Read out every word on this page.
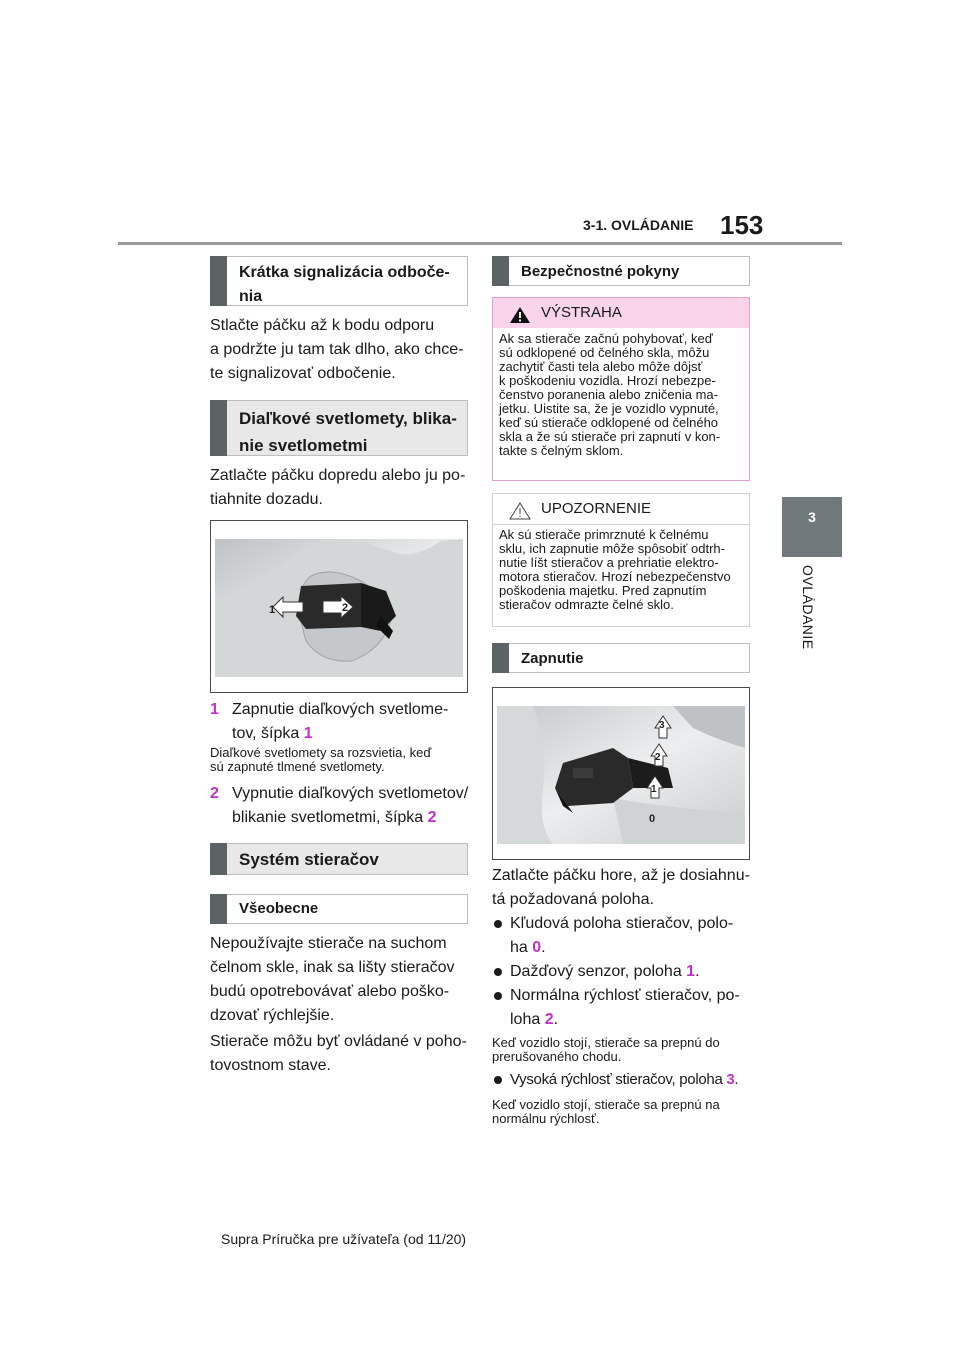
3-1. OVLÁDANIE 153
3
OVLÁDANIE
Krátka signalizácia odboče-
nia
Stlačte páčku až k bodu odporu
a podržte ju tam tak dlho, ako chce-
te signalizovať odbočenie.
Diaľkové svetlomety, blika-
nie svetlometmi
Zatlačte páčku dopredu alebo ju po-
tiahnite dozadu.
1	2
1 Zapnutie diaľkových svetlome-
tov, šípka 1
Diaľkové svetlomety sa rozsvietia, keď
sú zapnuté tlmené svetlomety.
2 Vypnutie diaľkových svetlometov/
blikanie svetlometmi, šípka 2
Systém stieračov
Všeobecne
Nepoužívajte stierače na suchom
čelnom skle, inak sa lišty stieračov
budú opotrebovávať alebo poško-
dzovať rýchlejšie.
Stierače môžu byť ovládané v poho-
tovostnom stave.
Bezpečnostné pokyny
VÝSTRAHA
Ak sa stierače začnú pohybovať, keď
sú odklopené od čelného skla, môžu
zachytiť časti tela alebo môže dôjsť
k poškodeniu vozidla. Hrozí nebezpe-
čenstvo poranenia alebo zničenia ma-
jetku. Uistite sa, že je vozidlo vypnuté,
keď sú stierače odklopené od čelného
skla a že sú stierače pri zapnutí v kon-
takte s čelným sklom.
UPOZORNENIE
Ak sú stierače primrznuté k čelnému
sklu, ich zapnutie môže spôsobiť odtrh-
nutie líšt stieračov a prehriatie elektro-
motora stieračov. Hrozí nebezpečenstvo
poškodenia majetku. Pred zapnutím
stieračov odmrazte čelné sklo.
Zapnutie
3
2
1
0
Zatlačte páčku hore, až je dosiahnu-
tá požadovaná poloha.
Kľudová poloha stieračov, polo-
ha 0.
Dažďový senzor, poloha 1.
Normálna rýchlosť stieračov, po-
loha 2.
Keď vozidlo stojí, stierače sa prepnú do
prerušovaného chodu.
Vysoká rýchlosť stieračov, poloha 3.
Keď vozidlo stojí, stierače sa prepnú na
normálnu rýchlosť.
Supra Príručka pre užívateľa (od 11/20)
